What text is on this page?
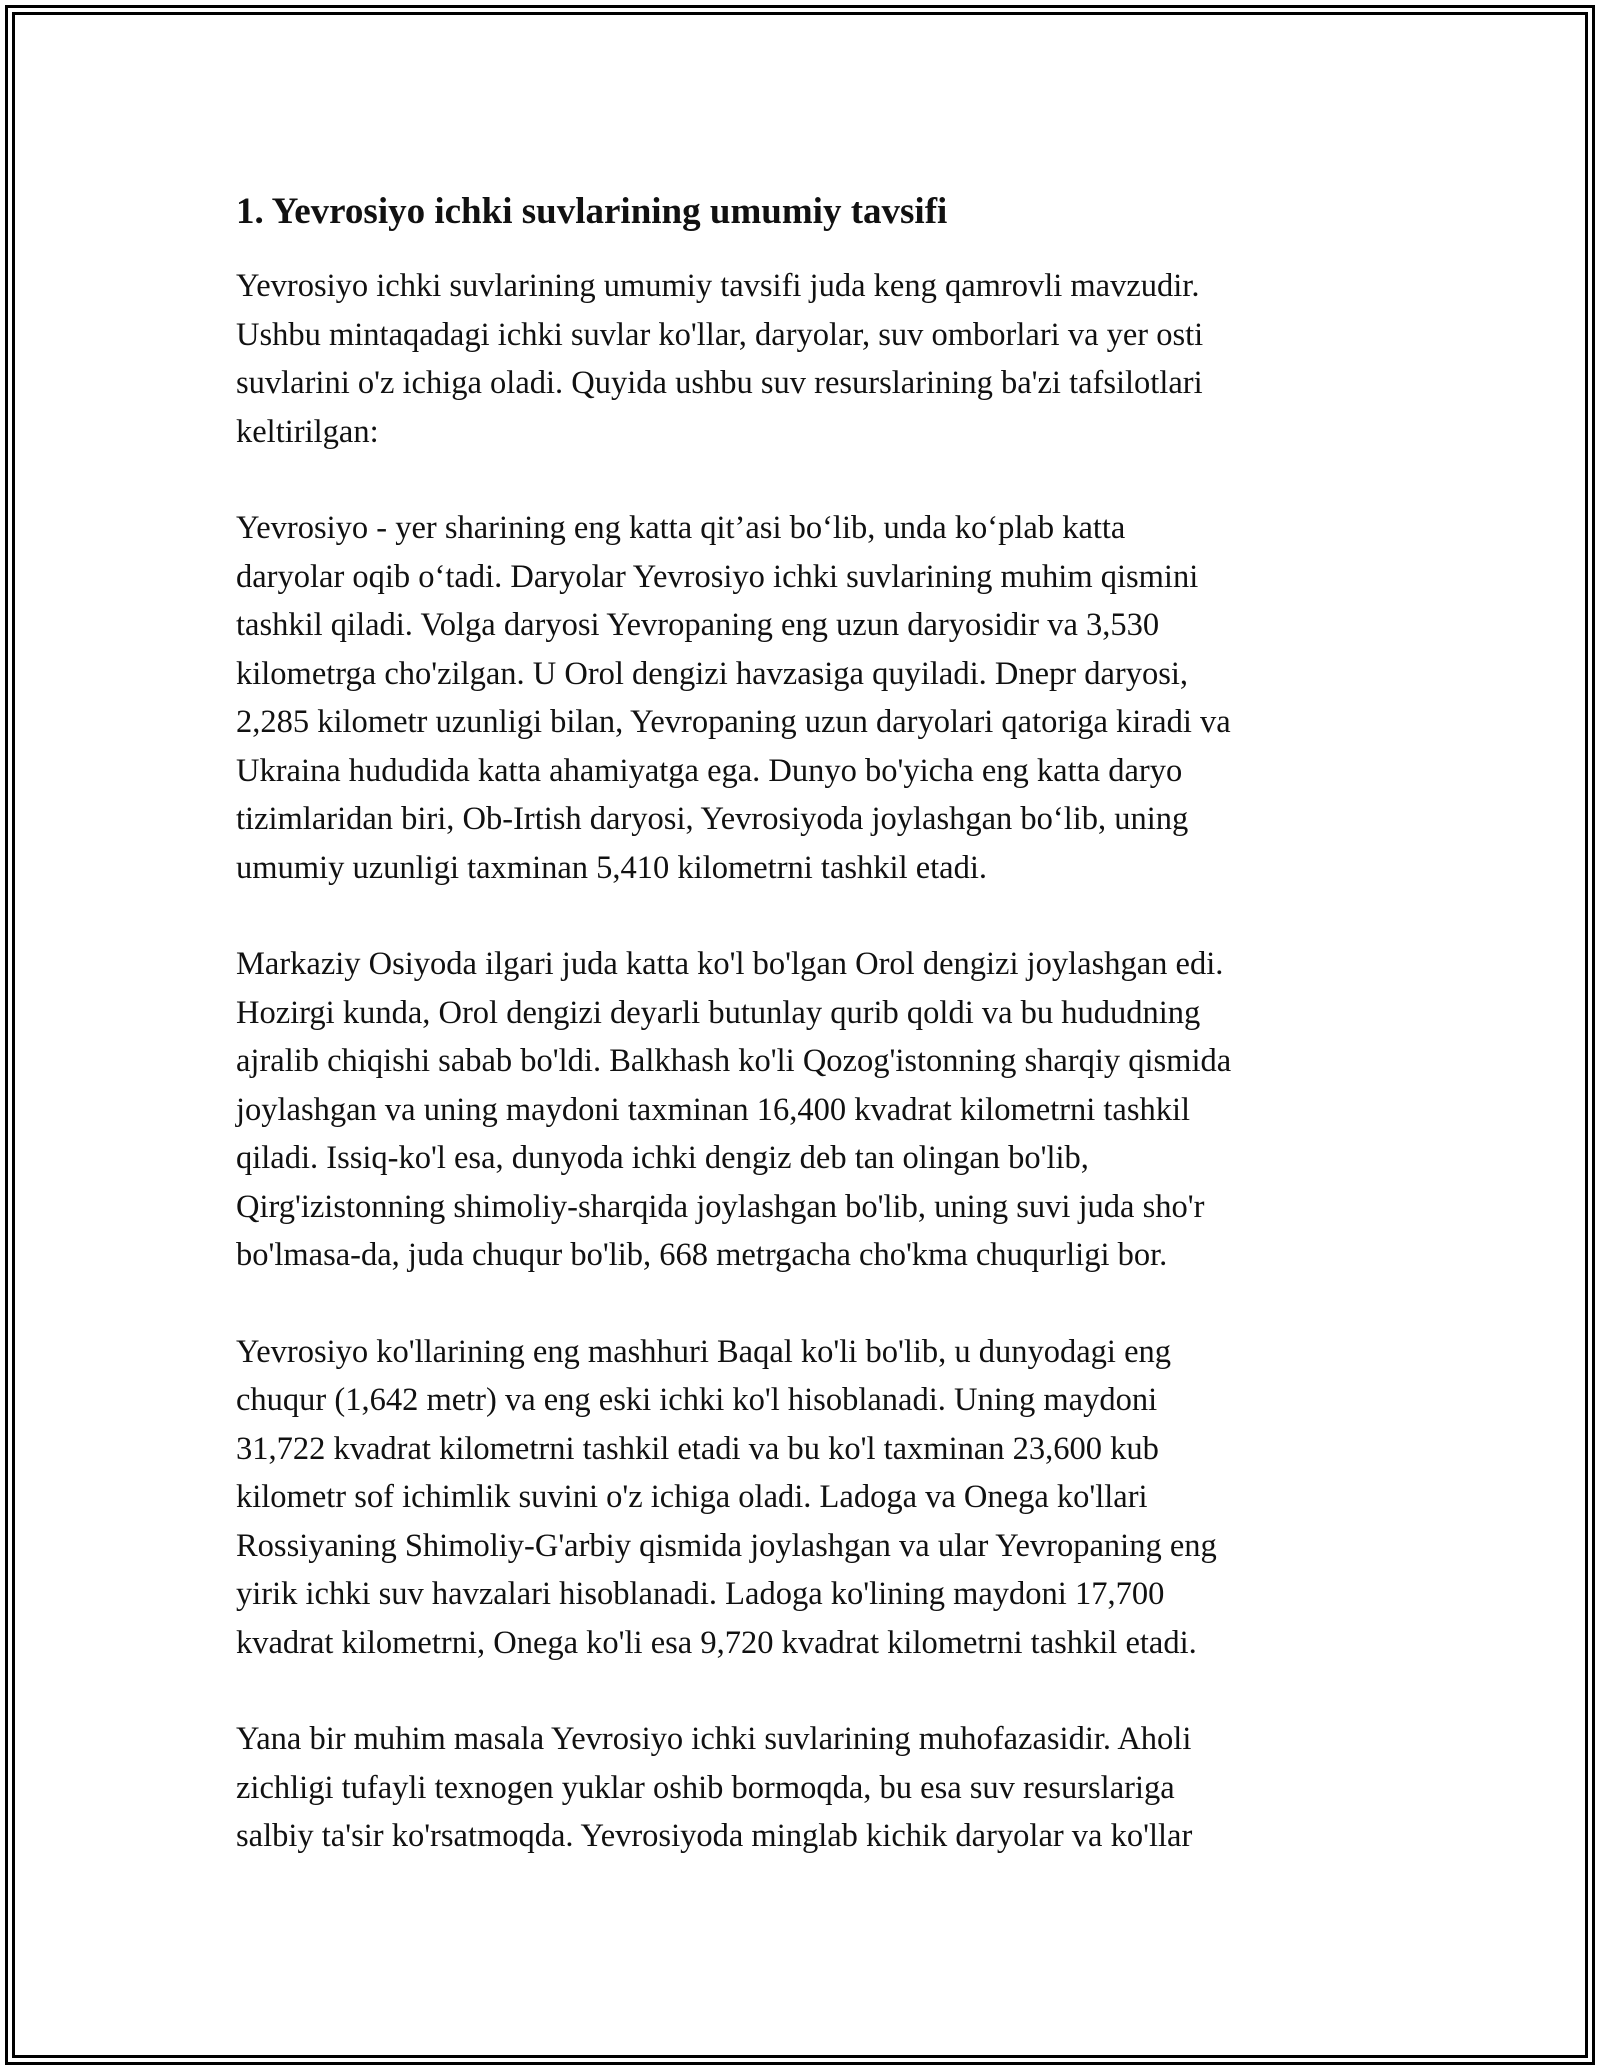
1. Yevrosiyo ichki suvlarining umumiy tavsifi

Yevrosiyo ichki suvlarining umumiy tavsifi juda keng qamrovli mavzudir.
Ushbu mintaqadagi ichki suvlar ko'llar, daryolar, suv omborlari va yer osti
suvlarini o'z ichiga oladi. Quyida ushbu suv resurslarining ba'zi tafsilotlari
keltirilgan:

Yevrosiyo - yer sharining eng katta qit’asi bo‘lib, unda ko‘plab katta
daryolar oqib o‘tadi. Daryolar Yevrosiyo ichki suvlarining muhim qismini
tashkil qiladi. Volga daryosi Yevropaning eng uzun daryosidir va 3,530
kilometrga cho'zilgan. U Orol dengizi havzasiga quyiladi. Dnepr daryosi,
2,285 kilometr uzunligi bilan, Yevropaning uzun daryolari qatoriga kiradi va
Ukraina hududida katta ahamiyatga ega. Dunyo bo'yicha eng katta daryo
tizimlaridan biri, Ob-Irtish daryosi, Yevrosiyoda joylashgan bo‘lib, uning
umumiy uzunligi taxminan 5,410 kilometrni tashkil etadi.

Markaziy Osiyoda ilgari juda katta ko'l bo'lgan Orol dengizi joylashgan edi.
Hozirgi kunda, Orol dengizi deyarli butunlay qurib qoldi va bu hududning
ajralib chiqishi sabab bo'ldi. Balkhash ko'li Qozog'istonning sharqiy qismida
joylashgan va uning maydoni taxminan 16,400 kvadrat kilometrni tashkil
qiladi. Issiq-ko'l esa, dunyoda ichki dengiz deb tan olingan bo'lib,
Qirg'izistonning shimoliy-sharqida joylashgan bo'lib, uning suvi juda sho'r
bo'lmasa-da, juda chuqur bo'lib, 668 metrgacha cho'kma chuqurligi bor.

Yevrosiyo ko'llarining eng mashhuri Baqal ko'li bo'lib, u dunyodagi eng
chuqur (1,642 metr) va eng eski ichki ko'l hisoblanadi. Uning maydoni
31,722 kvadrat kilometrni tashkil etadi va bu ko'l taxminan 23,600 kub
kilometr sof ichimlik suvini o'z ichiga oladi. Ladoga va Onega ko'llari
Rossiyaning Shimoliy-G'arbiy qismida joylashgan va ular Yevropaning eng
yirik ichki suv havzalari hisoblanadi. Ladoga ko'lining maydoni 17,700
kvadrat kilometrni, Onega ko'li esa 9,720 kvadrat kilometrni tashkil etadi.

Yana bir muhim masala Yevrosiyo ichki suvlarining muhofazasidir. Aholi
zichligi tufayli texnogen yuklar oshib bormoqda, bu esa suv resurslariga
salbiy ta'sir ko'rsatmoqda. Yevrosiyoda minglab kichik daryolar va ko'llar
